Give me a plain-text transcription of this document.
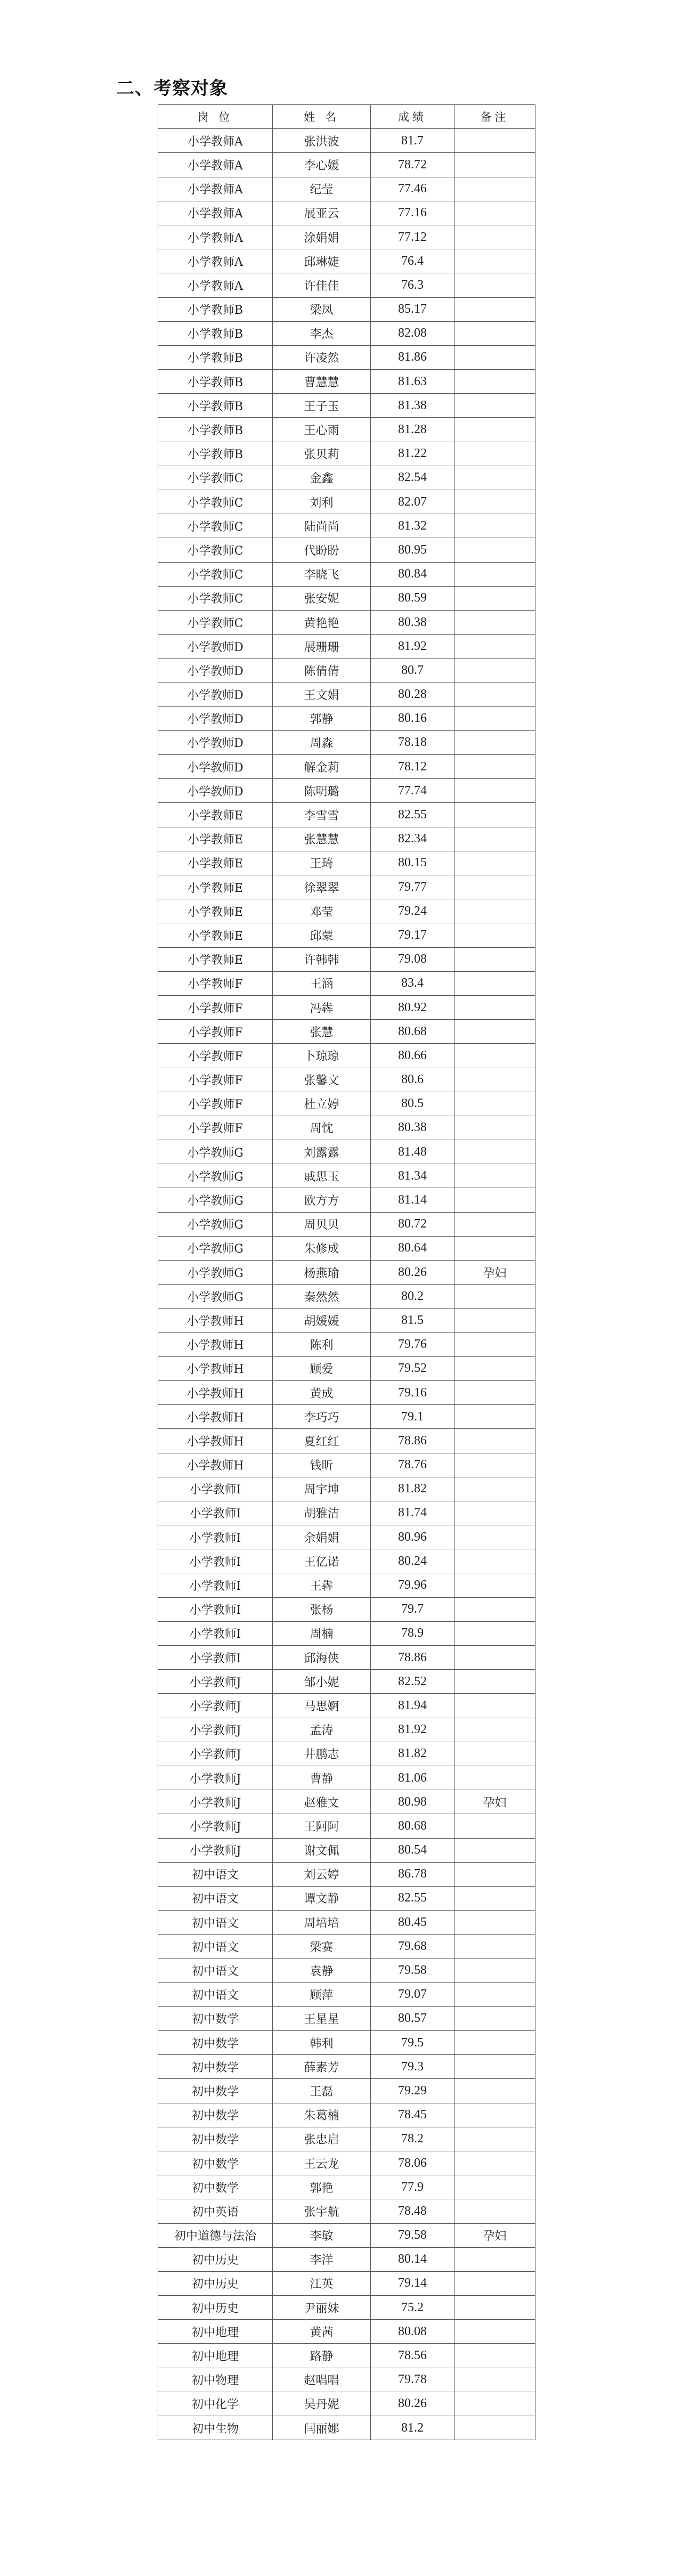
二、考察对象
岗 位	姓 名	成绩	备注
小学教师A	张洪波	81.7	
小学教师A	李心媛	78.72	
小学教师A	纪莹	77.46	
小学教师A	展亚云	77.16	
小学教师A	涂娟娟	77.12	
小学教师A	邱琳婕	76.4	
小学教师A	许佳佳	76.3	
小学教师B	梁凤	85.17	
小学教师B	李杰	82.08	
小学教师B	许凌然	81.86	
小学教师B	曹慧慧	81.63	
小学教师B	王子玉	81.38	
小学教师B	王心雨	81.28	
小学教师B	张贝莉	81.22	
小学教师C	金鑫	82.54	
小学教师C	刘利	82.07	
小学教师C	陆尚尚	81.32	
小学教师C	代盼盼	80.95	
小学教师C	李晓飞	80.84	
小学教师C	张安妮	80.59	
小学教师C	黄艳艳	80.38	
小学教师D	展珊珊	81.92	
小学教师D	陈倩倩	80.7	
小学教师D	王文娟	80.28	
小学教师D	郭静	80.16	
小学教师D	周淼	78.18	
小学教师D	解金莉	78.12	
小学教师D	陈明璐	77.74	
小学教师E	李雪雪	82.55	
小学教师E	张慧慧	82.34	
小学教师E	王琦	80.15	
小学教师E	徐翠翠	79.77	
小学教师E	邓莹	79.24	
小学教师E	邱蒙	79.17	
小学教师E	许韩韩	79.08	
小学教师F	王涵	83.4	
小学教师F	冯犇	80.92	
小学教师F	张慧	80.68	
小学教师F	卜琼琼	80.66	
小学教师F	张馨文	80.6	
小学教师F	杜立婷	80.5	
小学教师F	周忱	80.38	
小学教师G	刘露露	81.48	
小学教师G	戚思玉	81.34	
小学教师G	欧方方	81.14	
小学教师G	周贝贝	80.72	
小学教师G	朱修成	80.64	
小学教师G	杨燕瑜	80.26	孕妇
小学教师G	秦然然	80.2	
小学教师H	胡媛媛	81.5	
小学教师H	陈利	79.76	
小学教师H	顾爱	79.52	
小学教师H	黄成	79.16	
小学教师H	李巧巧	79.1	
小学教师H	夏红红	78.86	
小学教师H	钱昕	78.76	
小学教师I	周宇坤	81.82	
小学教师I	胡雅洁	81.74	
小学教师I	余娟娟	80.96	
小学教师I	王亿诺	80.24	
小学教师I	王犇	79.96	
小学教师I	张杨	79.7	
小学教师I	周楠	78.9	
小学教师I	邱海侠	78.86	
小学教师J	邹小妮	82.52	
小学教师J	马思婀	81.94	
小学教师J	孟涛	81.92	
小学教师J	井鹏志	81.82	
小学教师J	曹静	81.06	
小学教师J	赵雅文	80.98	孕妇
小学教师J	王阿阿	80.68	
小学教师J	谢文佩	80.54	
初中语文	刘云婷	86.78	
初中语文	谭文静	82.55	
初中语文	周培培	80.45	
初中语文	梁赛	79.68	
初中语文	袁静	79.58	
初中语文	顾萍	79.07	
初中数学	王星星	80.57	
初中数学	韩利	79.5	
初中数学	薛素芳	79.3	
初中数学	王磊	79.29	
初中数学	朱葛楠	78.45	
初中数学	张忠启	78.2	
初中数学	王云龙	78.06	
初中数学	郭艳	77.9	
初中英语	张宇航	78.48	
初中道德与法治	李敏	79.58	孕妇
初中历史	李洋	80.14	
初中历史	江英	79.14	
初中历史	尹丽妹	75.2	
初中地理	黄茜	80.08	
初中地理	路静	78.56	
初中物理	赵唱唱	79.78	
初中化学	吴丹妮	80.26	
初中生物	闫丽娜	81.2	
